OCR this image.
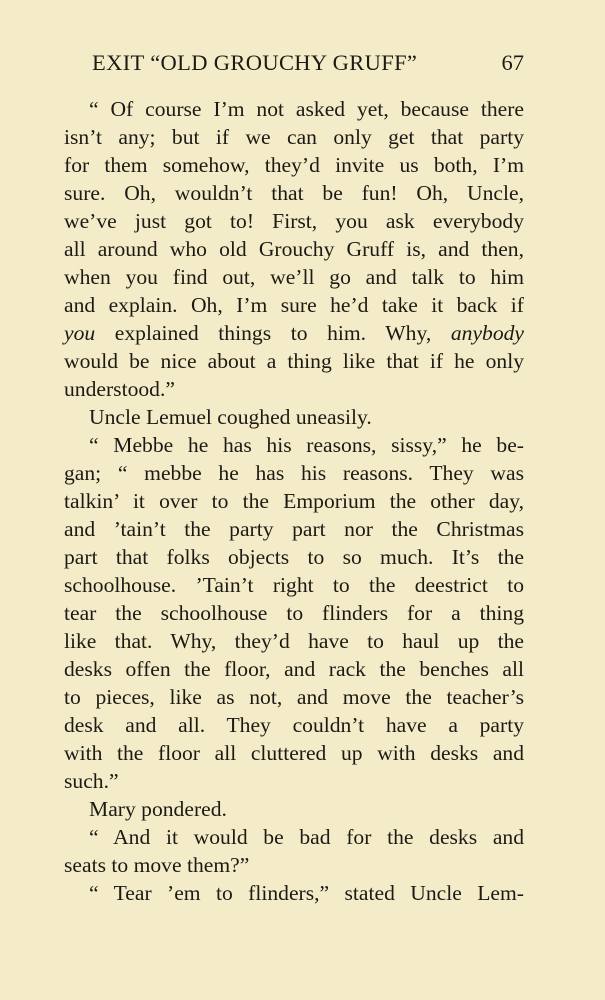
EXIT “OLD GROUCHY GRUFF”	67
“ Of course I’m not asked yet, because there
isn’t any; but if we can only get that party
for them somehow, they’d invite us both, I’m
sure. Oh, wouldn’t that be fun! Oh, Uncle,
we’ve just got to! First, you ask everybody
all around who old Grouchy Gruff is, and then,
when you find out, we’ll go and talk to him
and explain. Oh, I’m sure he’d take it back if
you explained things to him. Why, anybody
would be nice about a thing like that if he only
understood.”
Uncle Lemuel coughed uneasily.
“ Mebbe he has his reasons, sissy,” he be-
gan; “ mebbe he has his reasons. They was
talkin’ it over to the Emporium the other day,
and ’tain’t the party part nor the Christmas
part that folks objects to so much. It’s the
schoolhouse. ’Tain’t right to the deestrict to
tear the schoolhouse to flinders for a thing
like that. Why, they’d have to haul up the
desks offen the floor, and rack the benches all
to pieces, like as not, and move the teacher’s
desk and all. They couldn’t have a party
with the floor all cluttered up with desks and
such.”
Mary pondered.
“ And it would be bad for the desks and
seats to move them?”
“ Tear ’em to flinders,” stated Uncle Lem-
